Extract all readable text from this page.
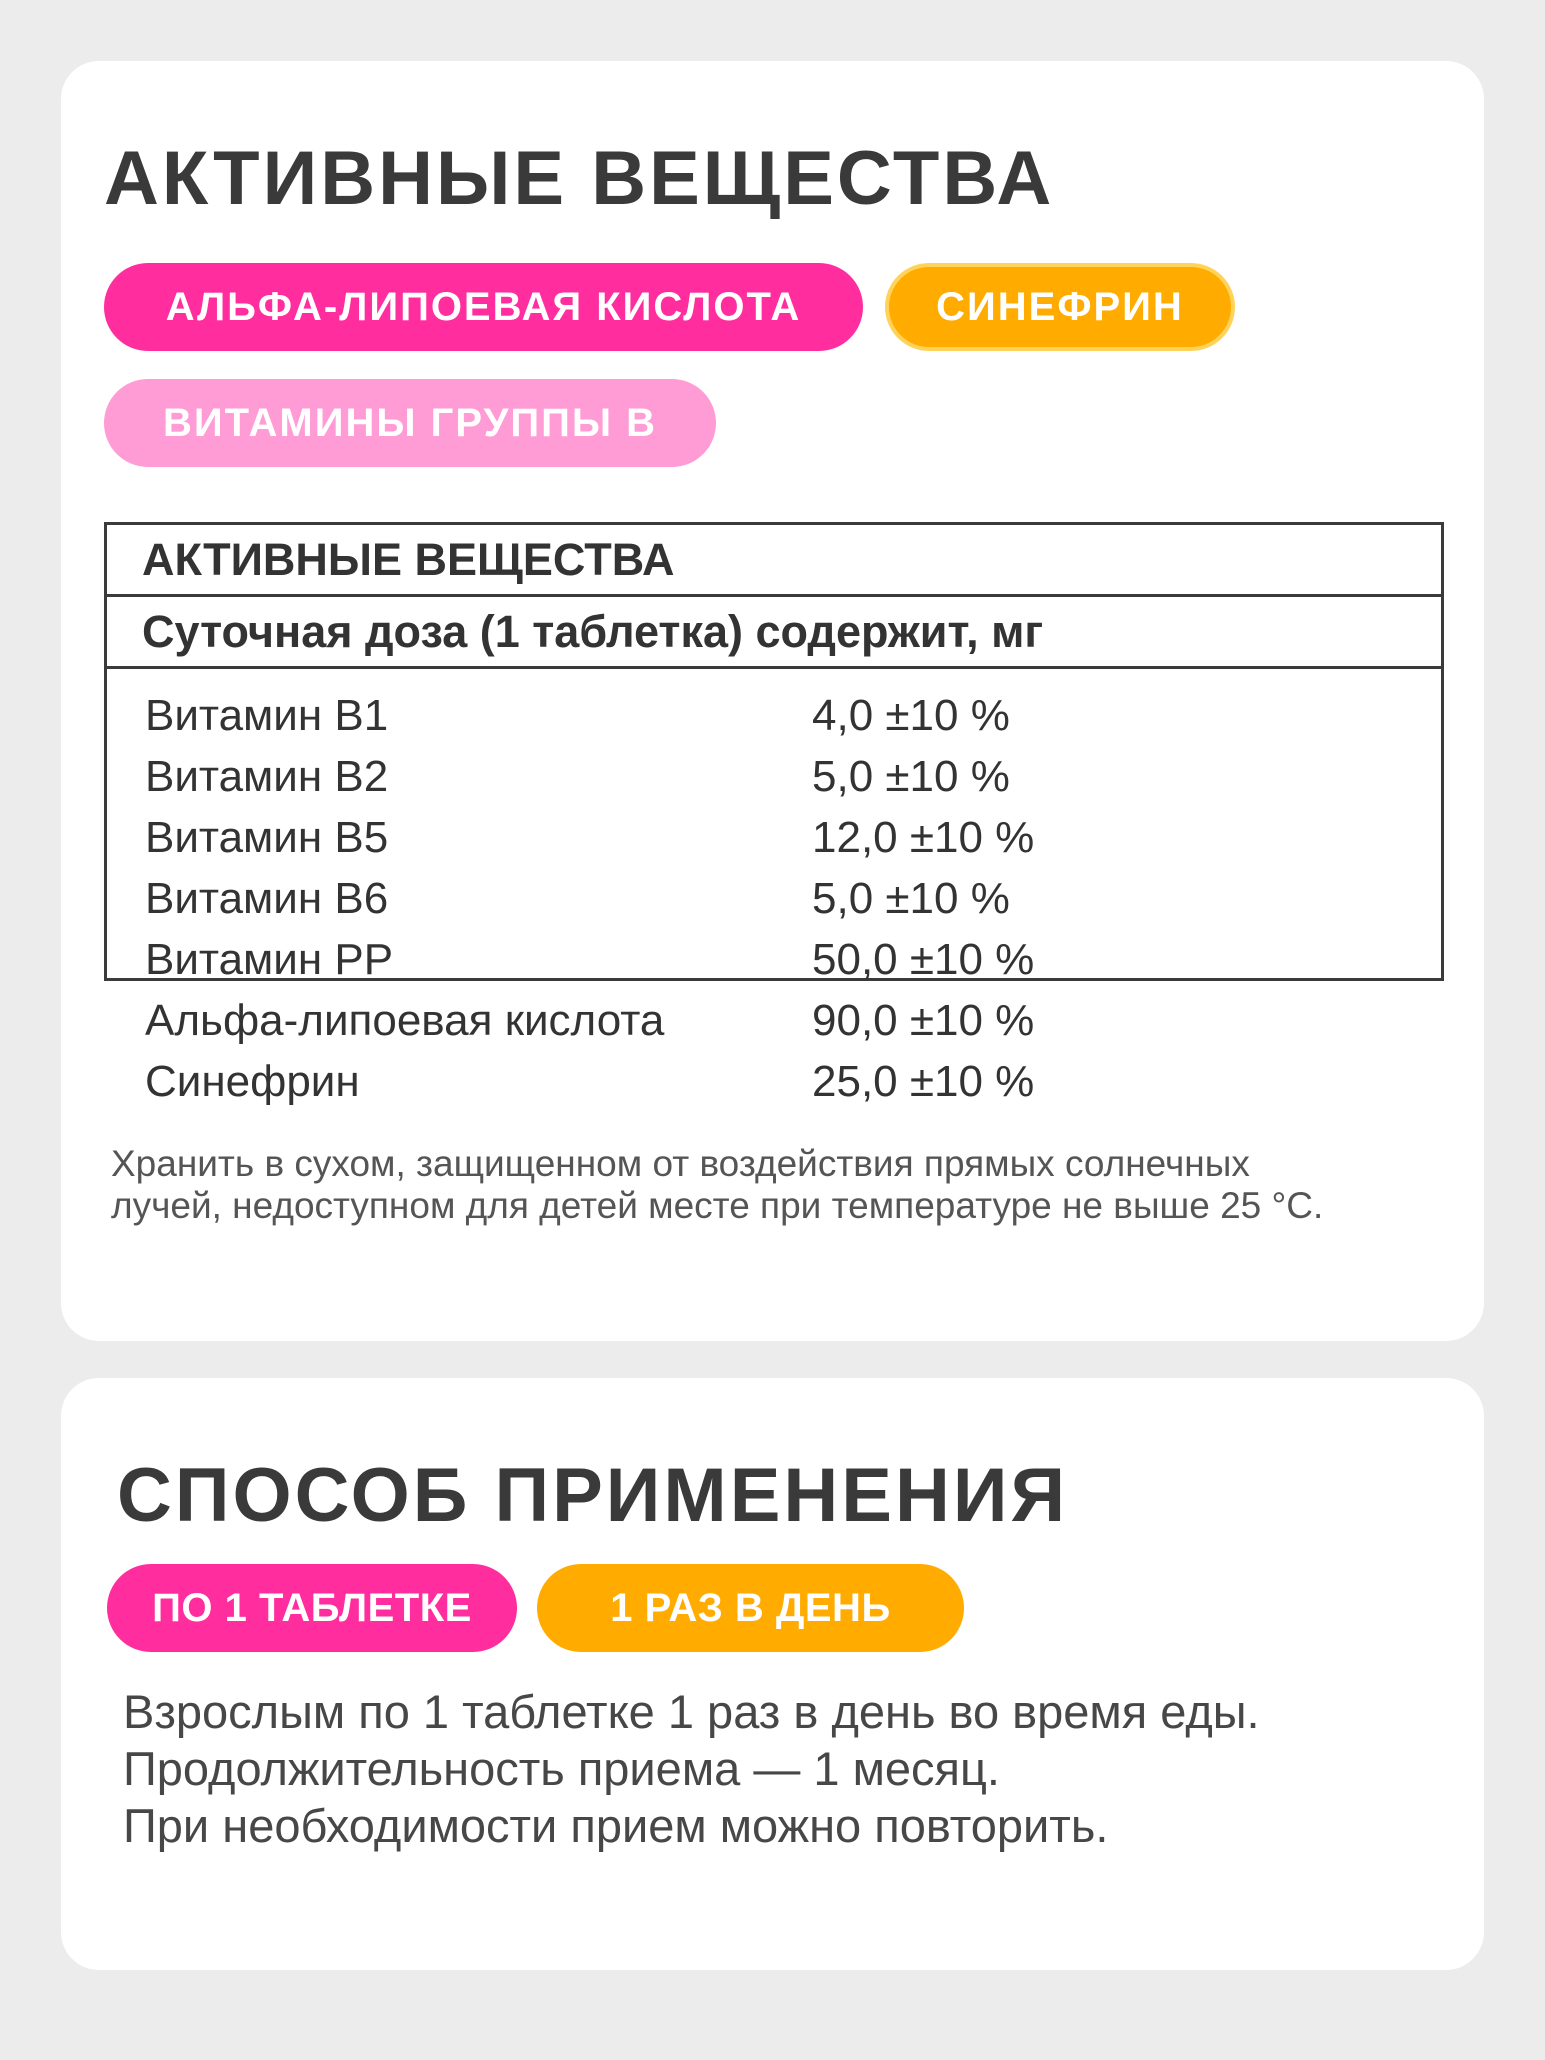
АКТИВНЫЕ ВЕЩЕСТВА
АЛЬФА-ЛИПОЕВАЯ КИСЛОТА	СИНЕФРИН
ВИТАМИНЫ ГРУППЫ В
АКТИВНЫЕ ВЕЩЕСТВА
Суточная доза (1 таблетка) содержит, мг
Витамин B1	4,0 ±10 %
Витамин B2	5,0 ±10 %
Витамин B5	12,0 ±10 %
Витамин B6	5,0 ±10 %
Витамин PP	50,0 ±10 %
Альфа-липоевая кислота	90,0 ±10 %
Синефрин	25,0 ±10 %

Хранить в сухом, защищенном от воздействия прямых солнечных
лучей, недоступном для детей месте при температуре не выше 25 °C.

СПОСОБ ПРИМЕНЕНИЯ
ПО 1 ТАБЛЕТКЕ	1 РАЗ В ДЕНЬ

Взрослым по 1 таблетке 1 раз в день во время еды.
Продолжительность приема — 1 месяц.
При необходимости прием можно повторить.
